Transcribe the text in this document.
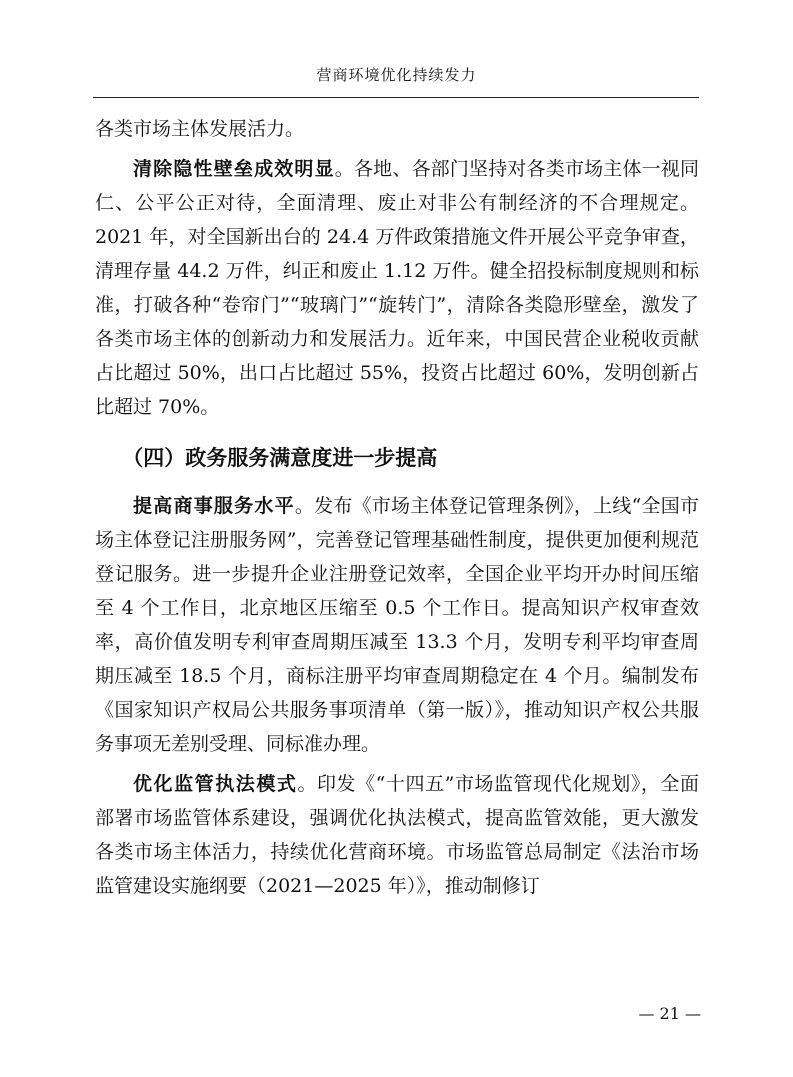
营商环境优化持续发力

各类市场主体发展活力。

清除隐性壁垒成效明显。各地、各部门坚持对各类市场主体一视同仁、公平公正对待，全面清理、废止对非公有制经济的不合理规定。2021 年，对全国新出台的 24.4 万件政策措施文件开展公平竞争审查，清理存量 44.2 万件，纠正和废止 1.12 万件。健全招投标制度规则和标准，打破各种“卷帘门”“玻璃门”“旋转门”，清除各类隐形壁垒，激发了各类市场主体的创新动力和发展活力。近年来，中国民营企业税收贡献占比超过 50%，出口占比超过 55%，投资占比超过 60%，发明创新占比超过 70%。

（四）政务服务满意度进一步提高

提高商事服务水平。发布《市场主体登记管理条例》，上线“全国市场主体登记注册服务网”，完善登记管理基础性制度，提供更加便利规范登记服务。进一步提升企业注册登记效率，全国企业平均开办时间压缩至 4 个工作日，北京地区压缩至 0.5 个工作日。提高知识产权审查效率，高价值发明专利审查周期压减至 13.3 个月，发明专利平均审查周期压减至 18.5 个月，商标注册平均审查周期稳定在 4 个月。编制发布《国家知识产权局公共服务事项清单（第一版）》，推动知识产权公共服务事项无差别受理、同标准办理。

优化监管执法模式。印发《“十四五”市场监管现代化规划》，全面部署市场监管体系建设，强调优化执法模式，提高监管效能，更大激发各类市场主体活力，持续优化营商环境。市场监管总局制定《法治市场监管建设实施纲要（2021—2025 年）》，推动制修订

— 21 —
